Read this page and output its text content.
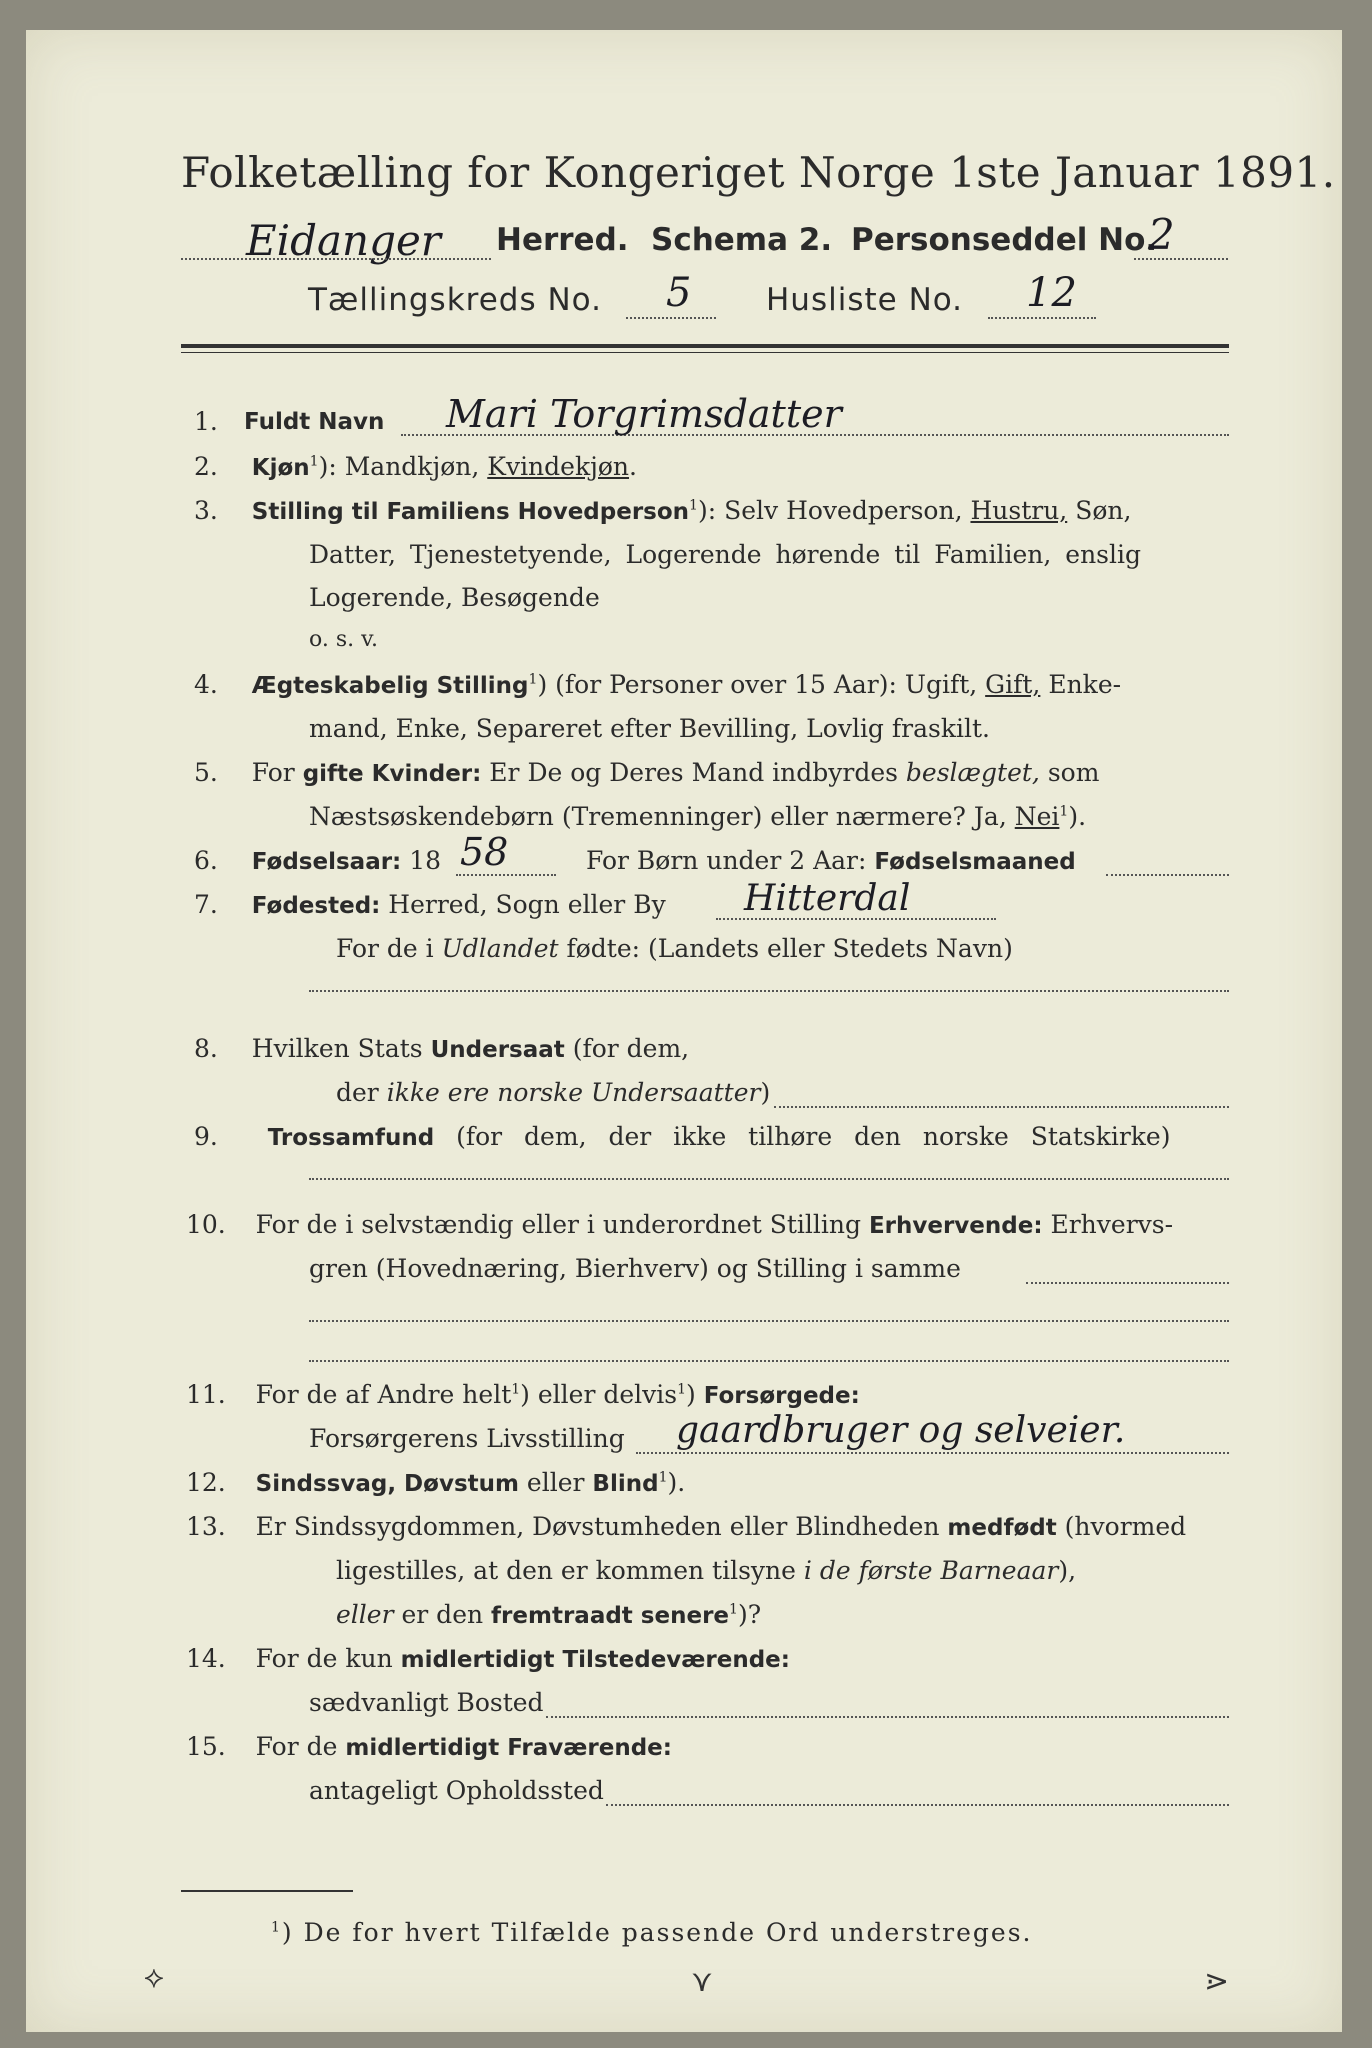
Folketælling for Kongeriget Norge 1ste Januar 1891.
Eidanger Herred. Schema 2. Personseddel No.
2
Tællingskreds No. 5 Husliste No. 12
1. Fuldt Navn Mari Torgrimsdatter
2. Kjøn$^1$): Mandkjøn, Kvindekjøn.
3. Stilling til Familiens Hovedperson$^1$): Selv Hovedperson, Hustru, Søn,
Datter, Tjenestetyende, Logerende hørende til Familien, enslig
Logerende, Besøgende
o. s. v.
4. Ægteskabelig Stilling$^1$) (for Personer over 15 Aar): Ugift, Gift, Enke-
mand, Enke, Separeret efter Bevilling, Lovlig fraskilt.
5. For gifte Kvinder: Er De og Deres Mand indbyrdes beslægtet, som
Næstsøskendebørn (Tremenninger) eller nærmere? Ja, Nei$^1$).
6. Fødselsaar: 18 58	For Børn under 2 Aar: Fødselsmaaned
7. Fødested: Herred, Sogn eller By Hitterdal
For de i Udlandet fødte: (Landets eller Stedets Navn)
8. Hvilken Stats Undersaat (for dem,
der ikke ere norske Undersaatter)
9. Trossamfund (for dem, der ikke tilhøre den norske Statskirke)
10. For de i selvstændig eller i underordnet Stilling Erhvervende: Erhvervs-
gren (Hovednæring, Bierhverv) og Stilling i samme
11. For de af Andre helt$^1$) eller delvis$^1$) Forsørgede:
Forsørgerens Livsstilling gaardbruger og selveier.
12. Sindssvag, Døvstum eller Blind$^1$).
13. Er Sindssygdommen, Døvstumheden eller Blindheden medfødt (hvormed
ligestilles, at den er kommen tilsyne i de første Barneaar),
eller er den fremtraadt senere$^1$)?
14. For de kun midlertidigt Tilstedeværende:
sædvanligt Bosted
15. For de midlertidigt Fraværende:
antageligt Opholdssted
$^1$) De for hvert Tilfælde passende Ord understreges.
⟡	⋎	⋗
